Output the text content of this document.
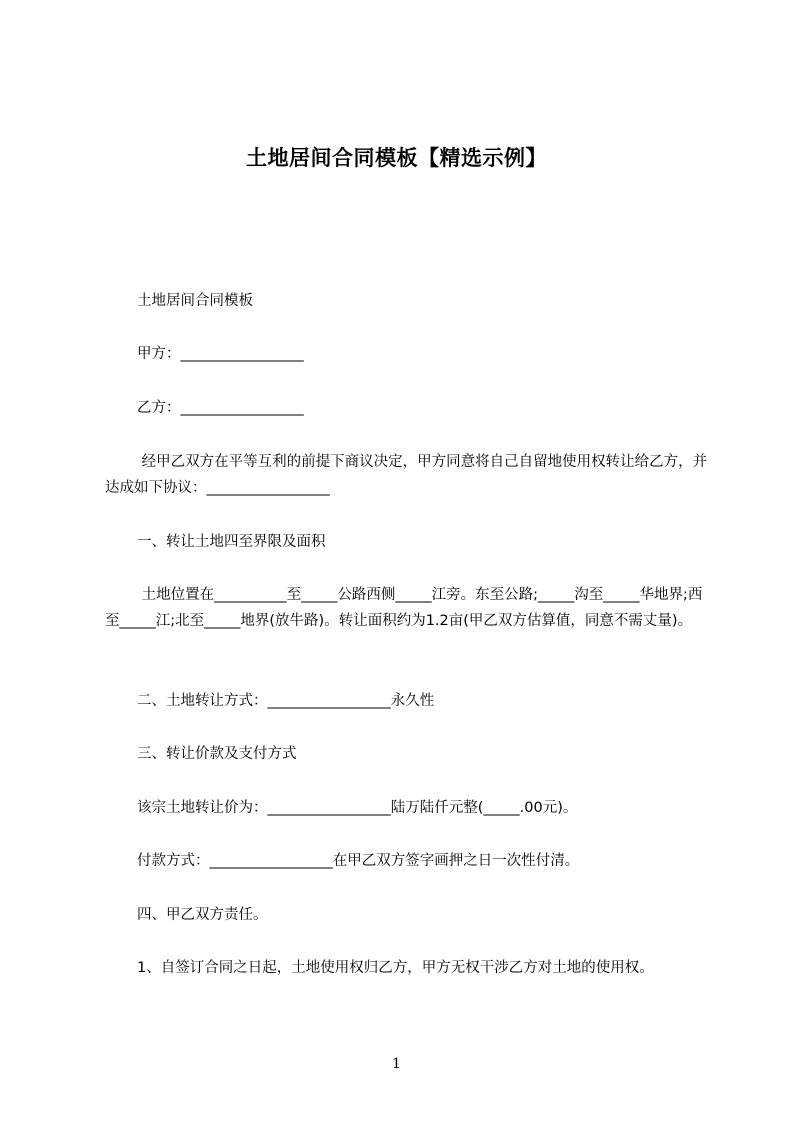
土地居间合同模板【精选示例】

土地居间合同模板

甲方：_________________

乙方：_________________

经甲乙双方在平等互利的前提下商议决定，甲方同意将自己自留地使用权转让给乙方，并达成如下协议：_________________

一、转让土地四至界限及面积

土地位置在__________至_____公路西侧_____江旁。东至公路;_____沟至_____华地界;西至_____江;北至_____地界(放牛路)。转让面积约为1.2亩(甲乙双方估算值，同意不需丈量)。

二、土地转让方式：_________________永久性

三、转让价款及支付方式

该宗土地转让价为：_________________陆万陆仟元整(_____.00元)。

付款方式：_________________在甲乙双方签字画押之日一次性付清。

四、甲乙双方责任。

1、自签订合同之日起，土地使用权归乙方，甲方无权干涉乙方对土地的使用权。

1
